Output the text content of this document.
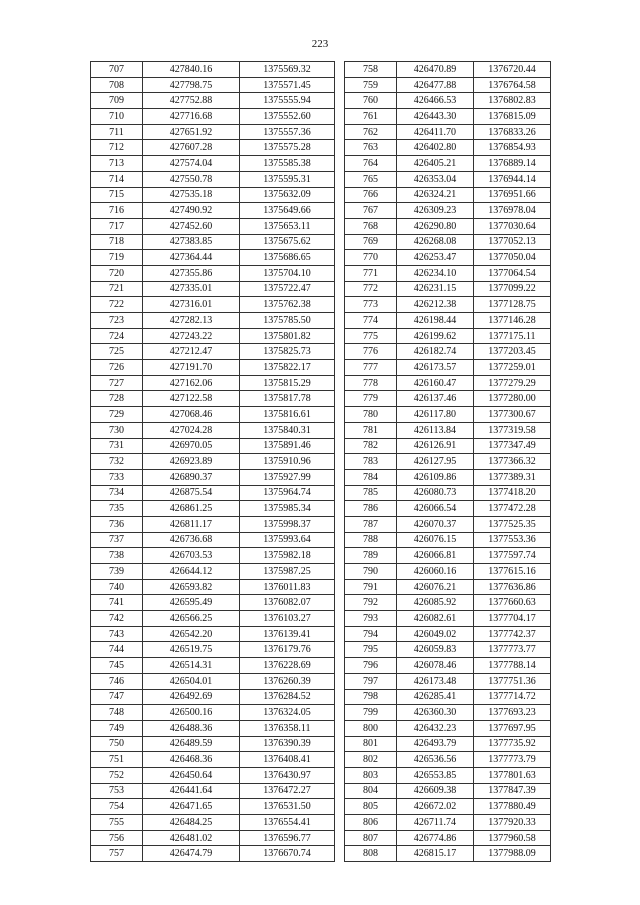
223
707	427840.16	1375569.32
708	427798.75	1375571.45
709	427752.88	1375555.94
710	427716.68	1375552.60
711	427651.92	1375557.36
712	427607.28	1375575.28
713	427574.04	1375585.38
714	427550.78	1375595.31
715	427535.18	1375632.09
716	427490.92	1375649.66
717	427452.60	1375653.11
718	427383.85	1375675.62
719	427364.44	1375686.65
720	427355.86	1375704.10
721	427335.01	1375722.47
722	427316.01	1375762.38
723	427282.13	1375785.50
724	427243.22	1375801.82
725	427212.47	1375825.73
726	427191.70	1375822.17
727	427162.06	1375815.29
728	427122.58	1375817.78
729	427068.46	1375816.61
730	427024.28	1375840.31
731	426970.05	1375891.46
732	426923.89	1375910.96
733	426890.37	1375927.99
734	426875.54	1375964.74
735	426861.25	1375985.34
736	426811.17	1375998.37
737	426736.68	1375993.64
738	426703.53	1375982.18
739	426644.12	1375987.25
740	426593.82	1376011.83
741	426595.49	1376082.07
742	426566.25	1376103.27
743	426542.20	1376139.41
744	426519.75	1376179.76
745	426514.31	1376228.69
746	426504.01	1376260.39
747	426492.69	1376284.52
748	426500.16	1376324.05
749	426488.36	1376358.11
750	426489.59	1376390.39
751	426468.36	1376408.41
752	426450.64	1376430.97
753	426441.64	1376472.27
754	426471.65	1376531.50
755	426484.25	1376554.41
756	426481.02	1376596.77
757	426474.79	1376670.74
758	426470.89	1376720.44
759	426477.88	1376764.58
760	426466.53	1376802.83
761	426443.30	1376815.09
762	426411.70	1376833.26
763	426402.80	1376854.93
764	426405.21	1376889.14
765	426353.04	1376944.14
766	426324.21	1376951.66
767	426309.23	1376978.04
768	426290.80	1377030.64
769	426268.08	1377052.13
770	426253.47	1377050.04
771	426234.10	1377064.54
772	426231.15	1377099.22
773	426212.38	1377128.75
774	426198.44	1377146.28
775	426199.62	1377175.11
776	426182.74	1377203.45
777	426173.57	1377259.01
778	426160.47	1377279.29
779	426137.46	1377280.00
780	426117.80	1377300.67
781	426113.84	1377319.58
782	426126.91	1377347.49
783	426127.95	1377366.32
784	426109.86	1377389.31
785	426080.73	1377418.20
786	426066.54	1377472.28
787	426070.37	1377525.35
788	426076.15	1377553.36
789	426066.81	1377597.74
790	426060.16	1377615.16
791	426076.21	1377636.86
792	426085.92	1377660.63
793	426082.61	1377704.17
794	426049.02	1377742.37
795	426059.83	1377773.77
796	426078.46	1377788.14
797	426173.48	1377751.36
798	426285.41	1377714.72
799	426360.30	1377693.23
800	426432.23	1377697.95
801	426493.79	1377735.92
802	426536.56	1377773.79
803	426553.85	1377801.63
804	426609.38	1377847.39
805	426672.02	1377880.49
806	426711.74	1377920.33
807	426774.86	1377960.58
808	426815.17	1377988.09
